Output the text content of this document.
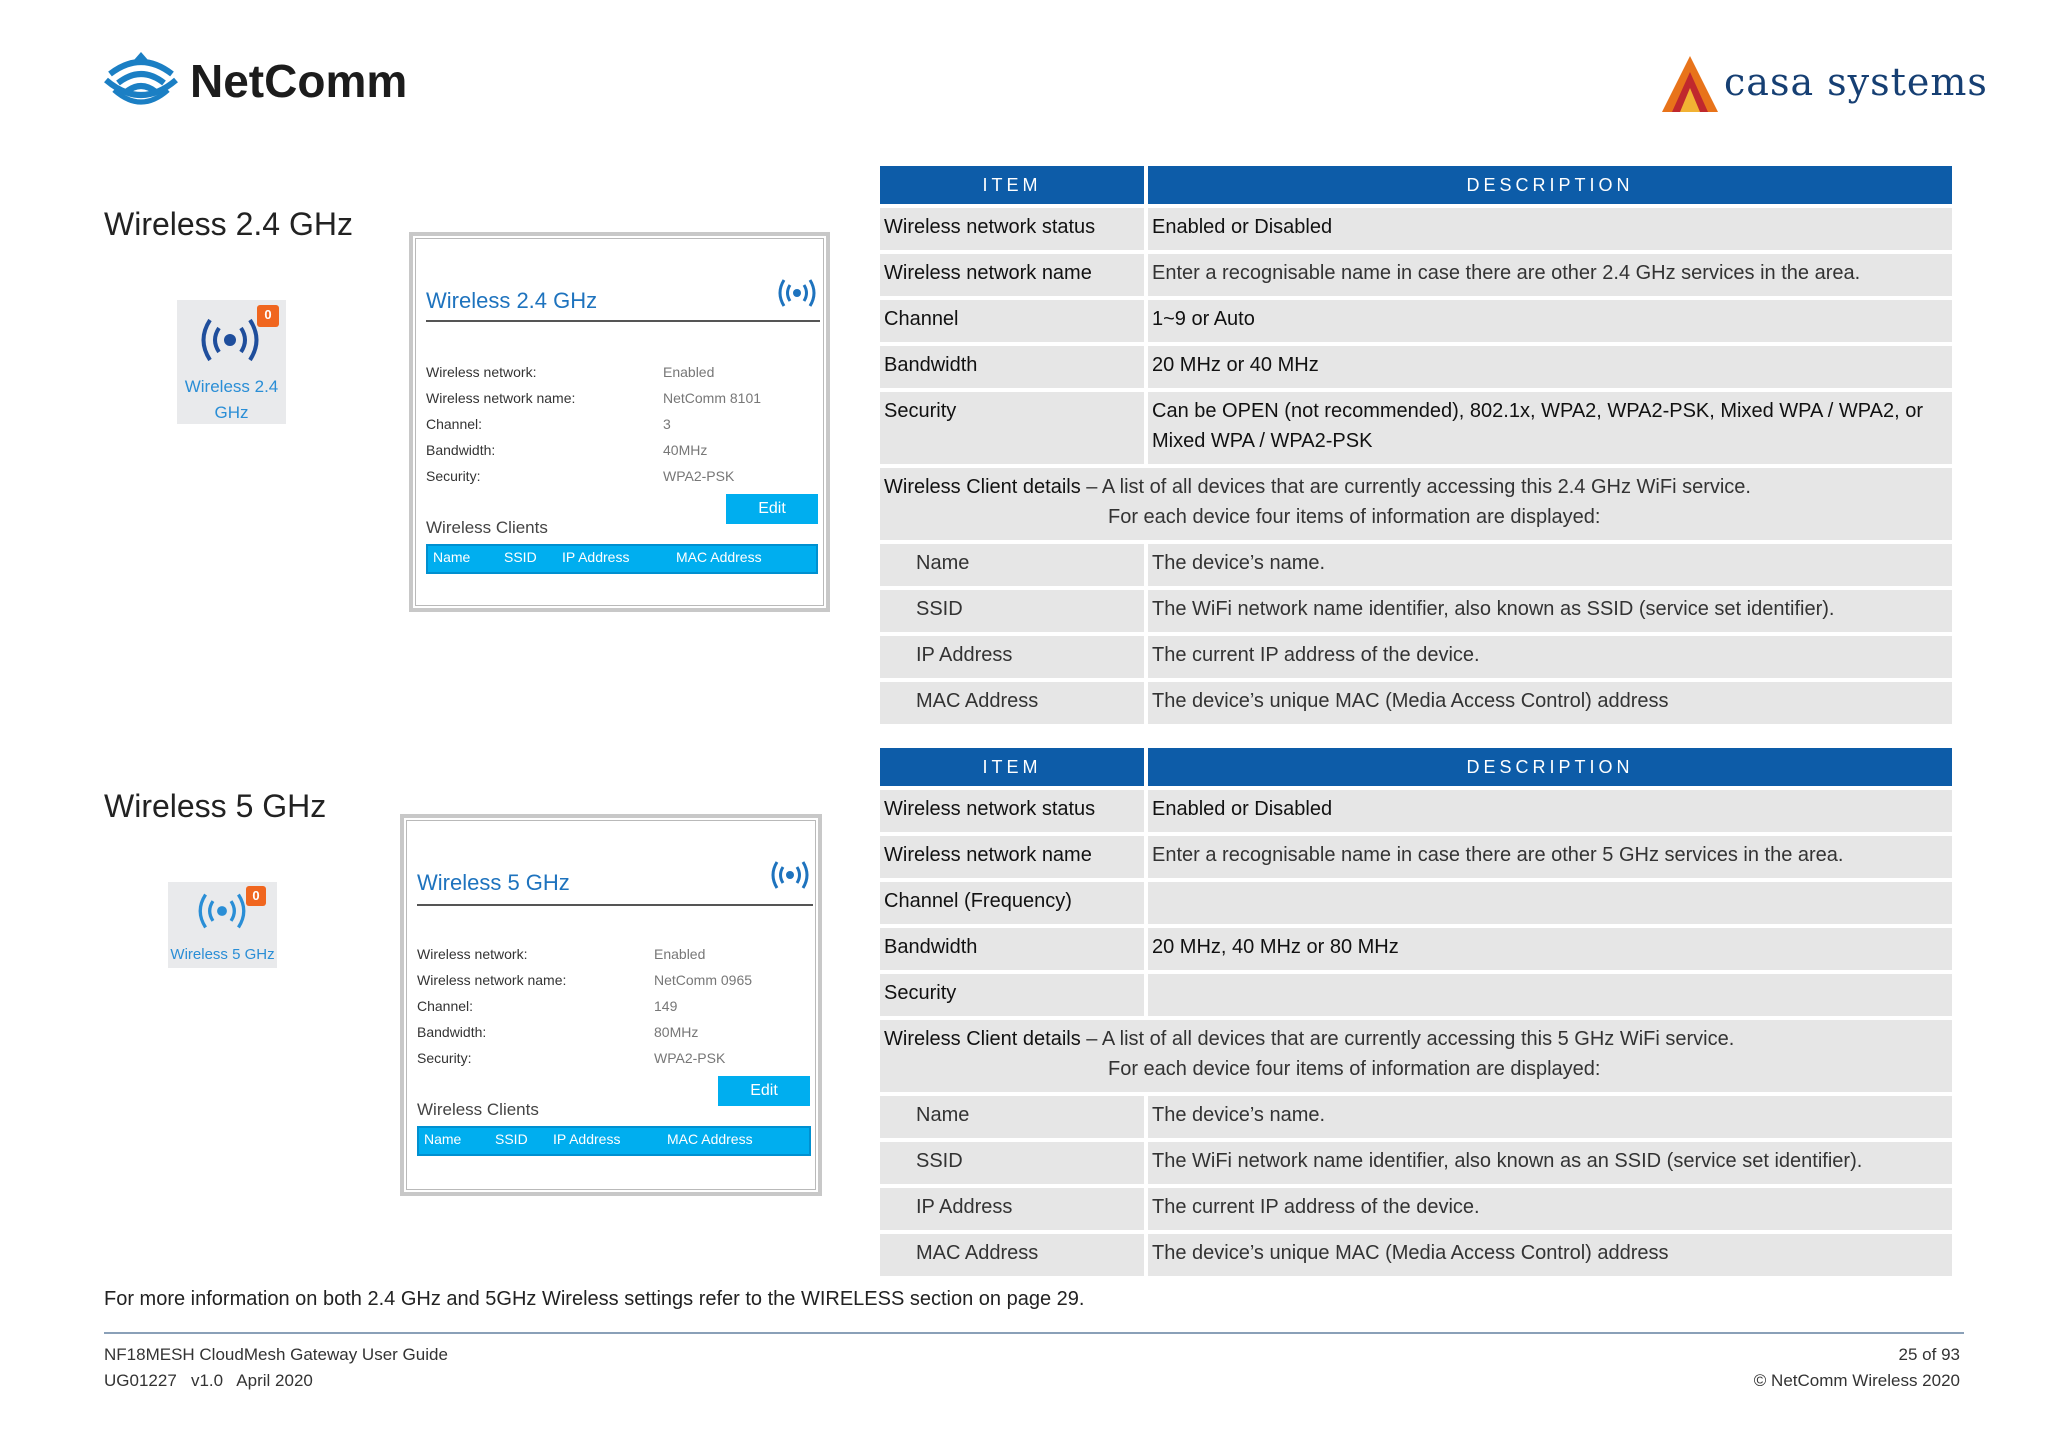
NetComm	casa systems
Wireless 2.4 GHz
0
Wireless 2.4
GHz
Wireless 2.4 GHz
Wireless network:	Enabled
Wireless network name:	NetComm 8101
Channel:	3
Bandwidth:	40MHz
Security:	WPA2-PSK
Edit
Wireless Clients
Name SSID IP Address	MAC Address
ITEM	DESCRIPTION
Wireless network status	Enabled or Disabled
Wireless network name	Enter a recognisable name in case there are other 2.4 GHz services in the area.
Channel	1~9 or Auto
Bandwidth	20 MHz or 40 MHz
Security	Can be OPEN (not recommended), 802.1x, WPA2, WPA2-PSK, Mixed WPA / WPA2, or
Mixed WPA / WPA2-PSK
Wireless Client details – A list of all devices that are currently accessing this 2.4 GHz WiFi service.
For each device four items of information are displayed:
Name	The device’s name.
SSID	The WiFi network name identifier, also known as SSID (service set identifier).
IP Address	The current IP address of the device.
MAC Address	The device’s unique MAC (Media Access Control) address
Wireless 5 GHz
0
Wireless 5 GHz
Wireless 5 GHz
Wireless network:	Enabled
Wireless network name:	NetComm 0965
Channel:	149
Bandwidth:	80MHz
Security:	WPA2-PSK
Edit
Wireless Clients
Name SSID IP Address	MAC Address
ITEM	DESCRIPTION
Wireless network status	Enabled or Disabled
Wireless network name	Enter a recognisable name in case there are other 5 GHz services in the area.
Channel (Frequency)
Bandwidth	20 MHz, 40 MHz or 80 MHz
Security
Wireless Client details – A list of all devices that are currently accessing this 5 GHz WiFi service.
For each device four items of information are displayed:
Name	The device’s name.
SSID	The WiFi network name identifier, also known as an SSID (service set identifier).
IP Address	The current IP address of the device.
MAC Address	The device’s unique MAC (Media Access Control) address
For more information on both 2.4 GHz and 5GHz Wireless settings refer to the WIRELESS section on page 29.
NF18MESH CloudMesh Gateway User Guide
UG01227   v1.0   April 2020
25 of 93
© NetComm Wireless 2020
